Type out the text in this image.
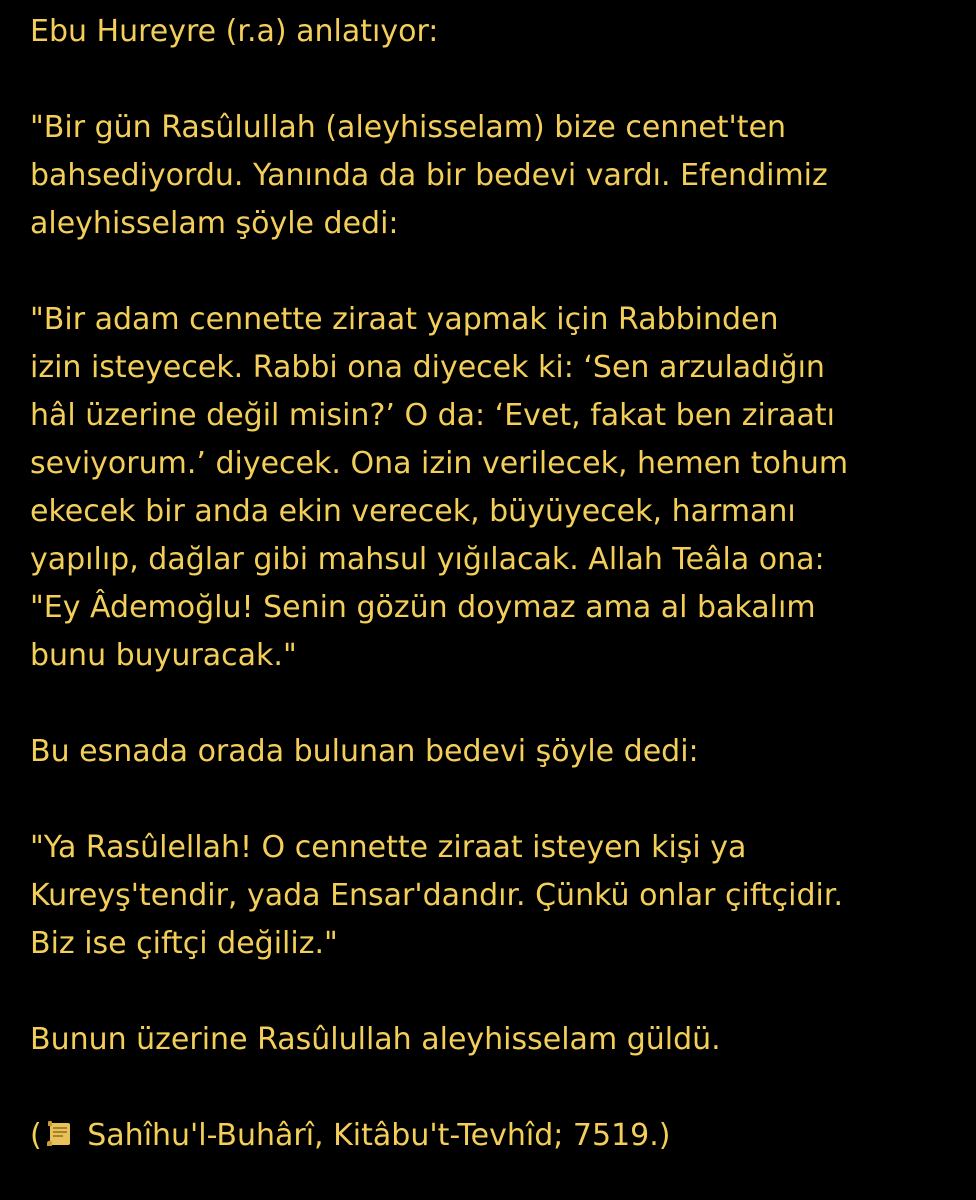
Ebu Hureyre (r.a) anlatıyor:
"Bir gün Rasûlullah (aleyhisselam) bize cennet'ten
bahsediyordu. Yanında da bir bedevi vardı. Efendimiz
aleyhisselam şöyle dedi:
"Bir adam cennette ziraat yapmak için Rabbinden
izin isteyecek. Rabbi ona diyecek ki: ‘Sen arzuladığın
hâl üzerine değil misin?’ O da: ‘Evet, fakat ben ziraatı
seviyorum.’ diyecek. Ona izin verilecek, hemen tohum
ekecek bir anda ekin verecek, büyüyecek, harmanı
yapılıp, dağlar gibi mahsul yığılacak. Allah Teâla ona:
"Ey Âdemoğlu! Senin gözün doymaz ama al bakalım
bunu buyuracak."
Bu esnada orada bulunan bedevi şöyle dedi:
"Ya Rasûlellah! O cennette ziraat isteyen kişi ya
Kureyş'tendir, yada Ensar'dandır. Çünkü onlar çiftçidir.
Biz ise çiftçi değiliz."
Bunun üzerine Rasûlullah aleyhisselam güldü.
(
Sahîhu'l-Buhârî, Kitâbu't-Tevhîd; 7519.)
